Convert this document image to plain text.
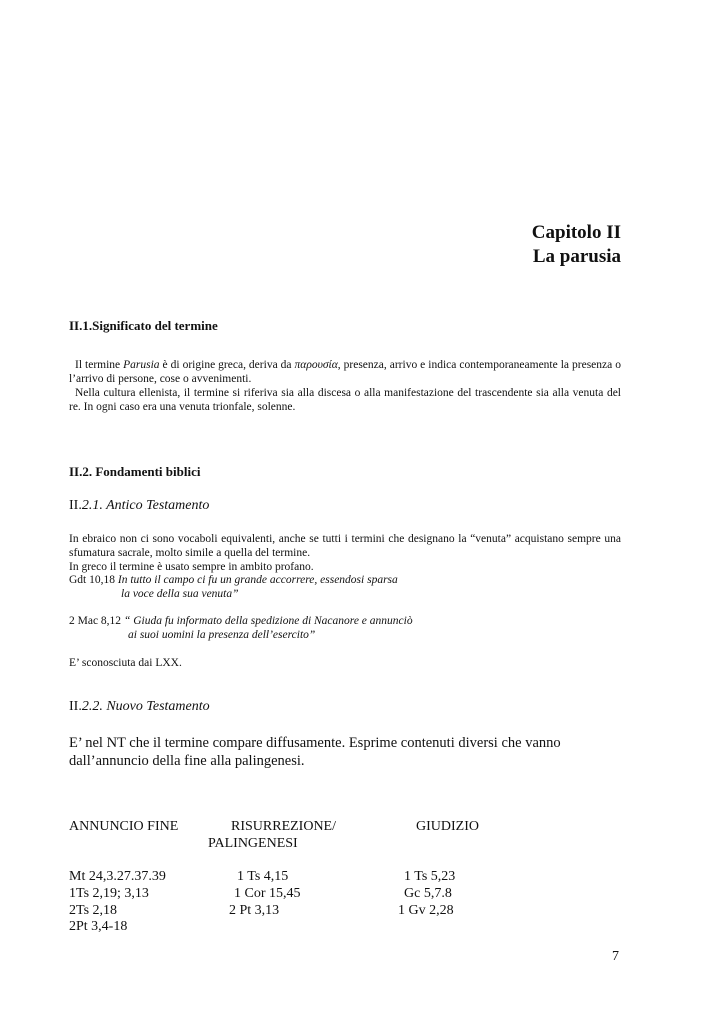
Capitolo II
La parusia
II.1.Significato del termine

Il termine Parusia è di origine greca, deriva da παρουσία, presenza, arrivo e indica contemporaneamente la presenza o l’arrivo di persone, cose o avvenimenti.

Nella cultura ellenista, il termine si riferiva sia alla discesa o alla manifestazione del trascendente sia alla venuta del re. In ogni caso era una venuta trionfale, solenne.

II.2. Fondamenti biblici
II.2.1. Antico Testamento

In ebraico non ci sono vocaboli equivalenti, anche se tutti i termini che designano la “venuta” acquistano sempre una sfumatura sacrale, molto simile a quella del termine.

In greco il termine è usato sempre in ambito profano.

Gdt 10,18 In tutto il campo ci fu un grande accorrere, essendosi sparsa
la voce della sua venuta”
2 Mac 8,12 “ Giuda fu informato della spedizione di Nacanore e annunciò
ai suoi uomini la presenza dell’esercito”
E’ sconosciuta dai LXX.
II.2.2. Nuovo Testamento
E’ nel NT che il termine compare diffusamente. Esprime contenuti diversi che vanno dall’annuncio della fine alla palingenesi.
ANNUNCIO FINE	RISURREZIONE/
PALINGENESI
GIUDIZIO
Mt 24,3.27.37.39
1Ts 2,19; 3,13
2Ts 2,18
2Pt 3,4-18
1 Ts 4,15
1 Cor 15,45
2 Pt 3,13
1 Ts 5,23
Gc 5,7.8
1 Gv 2,28
7
